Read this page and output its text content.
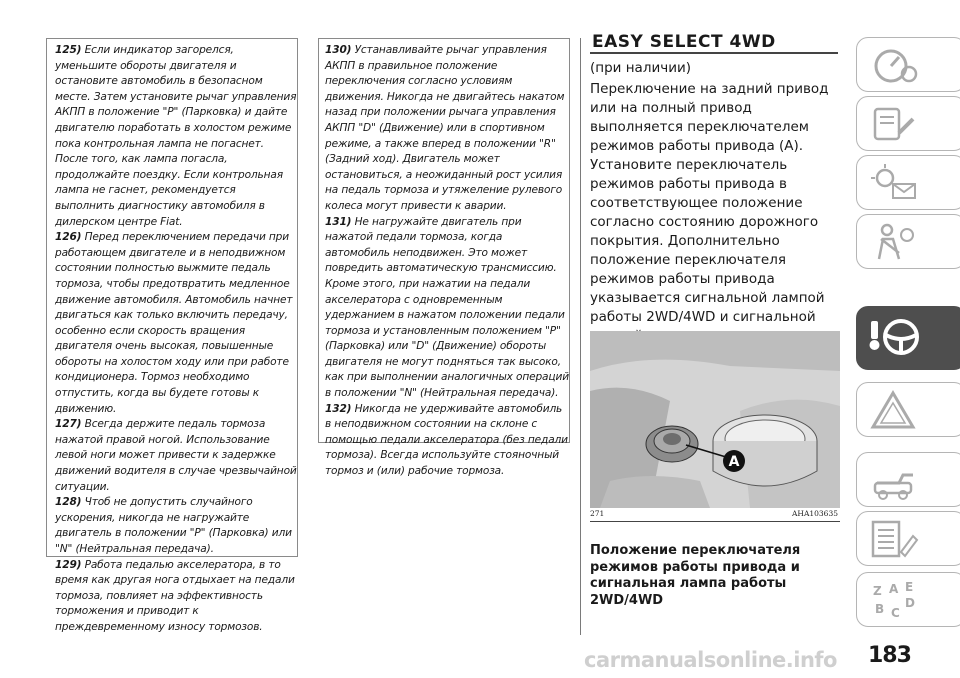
125) Если индикатор загорелся, уменьшите обороты двигателя и остановите автомобиль в безопасном месте. Затем установите рычаг управления АКПП в положение "P" (Парковка) и дайте двигателю поработать в холостом режиме пока контрольная лампа не погаснет. После того, как лампа погасла, продолжайте поездку. Если контрольная лампа не гаснет, рекомендуется выполнить диагностику автомобиля в дилерском центре Fiat.

126) Перед переключением передачи при работающем двигателе и в неподвижном состоянии полностью выжмите педаль тормоза, чтобы предотвратить медленное движение автомобиля. Автомобиль начнет двигаться как только включить передачу, особенно если скорость вращения двигателя очень высокая, повышенные обороты на холостом ходу или при работе кондиционера. Тормоз необходимо отпустить, когда вы будете готовы к движению.

127) Всегда держите педаль тормоза нажатой правой ногой. Использование левой ноги может привести к задержке движений водителя в случае чрезвычайной ситуации.

128) Чтоб не допустить случайного ускорения, никогда не нагружайте двигатель в положении "P" (Парковка) или "N" (Нейтральная передача).

129) Работа педалью акселератора, в то время как другая нога отдыхает на педали тормоза, повлияет на эффективность торможения и приводит к преждевременному износу тормозов.

130) Устанавливайте рычаг управления АКПП в правильное положение переключения согласно условиям движения. Никогда не двигайтесь накатом назад при положении рычага управления АКПП "D" (Движение) или в спортивном режиме, а также вперед в положении "R" (Задний ход). Двигатель может остановиться, а неожиданный рост усилия на педаль тормоза и утяжеление рулевого колеса могут привести к аварии.

131) Не нагружайте двигатель при нажатой педали тормоза, когда автомобиль неподвижен. Это может повредить автоматическую трансмиссию. Кроме этого, при нажатии на педали акселератора с одновременным удержанием в нажатом положении педали тормоза и установленным положением "P" (Парковка) или "D" (Движение) обороты двигателя не могут подняться так высоко, как при выполнении аналогичных операций в положении "N" (Нейтральная передача).

132) Никогда не удерживайте автомобиль в неподвижном состоянии на склоне с помощью педали акселератора (без педали тормоза). Всегда используйте стояночный тормоз и (или) рабочие тормоза.

EASY SELECT 4WD
(при наличии)
Переключение на задний привод или на полный привод выполняется переключателем режимов работы привода (A). Установите переключатель режимов работы привода в соответствующее положение согласно состоянию дорожного покрытия. Дополнительно положение переключателя режимов работы привода указывается сигнальной лампой работы 2WD/4WD и сигнальной
A
271	AHA103635
Положение переключателя режимов работы привода и сигнальная лампа работы 2WD/4WD
Z A
B C
D
E
carmanualsonline.info 183
